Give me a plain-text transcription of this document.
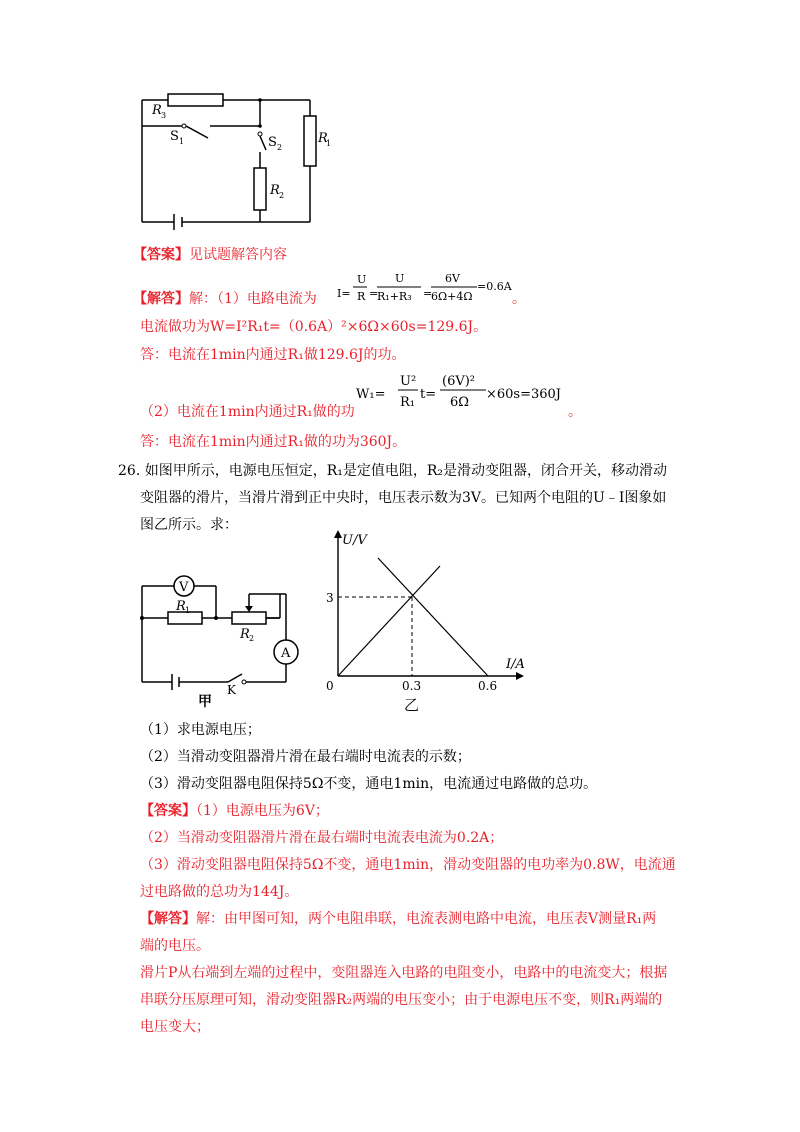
R 3
S 1	S 2
R
1
R 2
【答案】见试题解答内容
【解答】解：（1）电路电流为 I=
U
R =
U
R₁+R₃ =
6V
6Ω+4Ω
=0.6A
。
电流做功为W=I²R₁t=（0.6A）²×6Ω×60s=129.6J。
答：电流在1min内通过R₁做129.6J的功。
（2）电流在1min内通过R₁做的功
W₁=
U²
R₁
t=
(6V)²
6Ω
×60s=360J
。
答：电流在1min内通过R₁做的功为360J。
26. 如图甲所示，电源电压恒定，R₁是定值电阻，R₂是滑动变阻器，闭合开关，移动滑动
变阻器的滑片，当滑片滑到正中央时，电压表示数为3V。已知两个电阻的U﹣I图象如
图乙所示。求：
V
A
R 1
R 2
K
甲
U/V
I/A
0
3
0.3	0.6
乙
（1）求电源电压；
（2）当滑动变阻器滑片滑在最右端时电流表的示数；
（3）滑动变阻器电阻保持5Ω不变，通电1min，电流通过电路做的总功。
【答案】（1）电源电压为6V；
（2）当滑动变阻器滑片滑在最右端时电流表电流为0.2A；
（3）滑动变阻器电阻保持5Ω不变，通电1min，滑动变阻器的电功率为0.8W，电流通
过电路做的总功为144J。
【解答】解：由甲图可知，两个电阻串联，电流表测电路中电流，电压表V测量R₁两
端的电压。
滑片P从右端到左端的过程中，变阻器连入电路的电阻变小，电路中的电流变大；根据
串联分压原理可知，滑动变阻器R₂两端的电压变小；由于电源电压不变，则R₁两端的
电压变大；
